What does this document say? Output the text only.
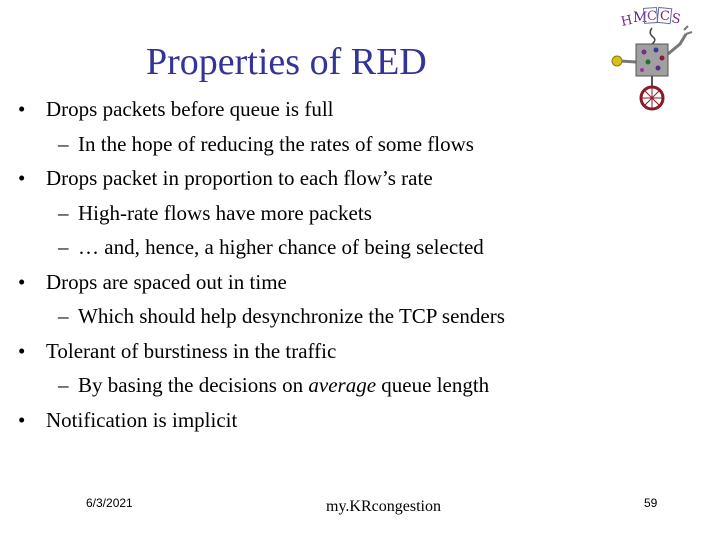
Properties of RED
• Drops packets before queue is full
– In the hope of reducing the rates of some flows
• Drops packet in proportion to each flow’s rate
– High-rate flows have more packets
– … and, hence, a higher chance of being selected
• Drops are spaced out in time
– Which should help desynchronize the TCP senders
• Tolerant of burstiness in the traffic
– By basing the decisions on average queue length
• Notification is implicit
6/3/2021	my.KRcongestion	59
H M C C S
